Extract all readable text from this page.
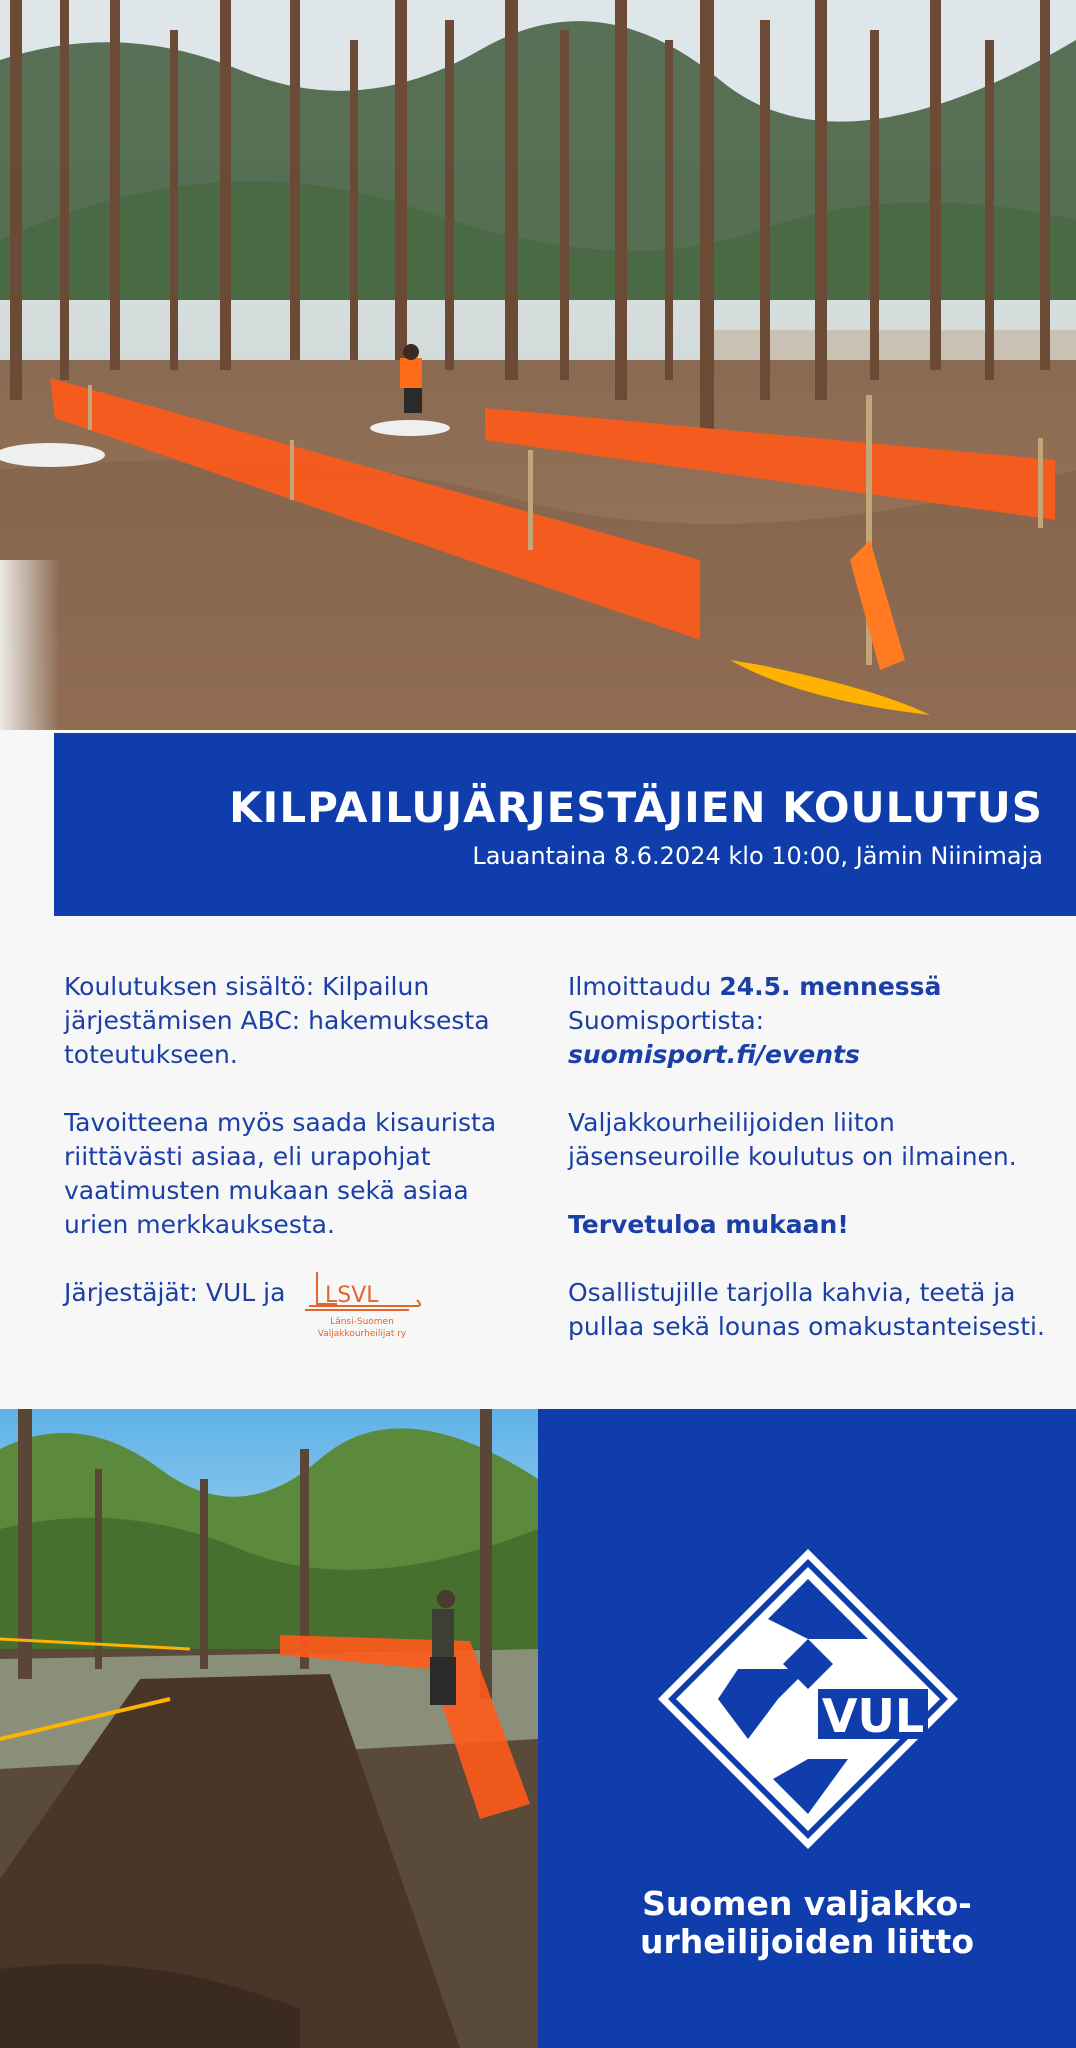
KILPAILUJÄRJESTÄJIEN KOULUTUS
Lauantaina 8.6.2024 klo 10:00, Jämin Niinimaja

Koulutuksen sisältö: Kilpailun järjestämisen ABC: hakemuksesta toteutukseen.

Tavoitteena myös saada kisaurista riittävästi asiaa, eli urapohjat vaatimusten mukaan sekä asiaa urien merkkauksesta.

Järjestäjät: VUL ja LSVL
Länsi-Suomen
Valjakkourheilijat ry

Ilmoittaudu 24.5. mennessä
Suomisportista:
suomisport.fi/events

Valjakkourheilijoiden liiton jäsenseuroille koulutus on ilmainen.

Tervetuloa mukaan!

Osallistujille tarjolla kahvia, teetä ja pullaa sekä lounas omakustanteisesti.

VUL
Suomen valjakko-
urheilijoiden liitto
